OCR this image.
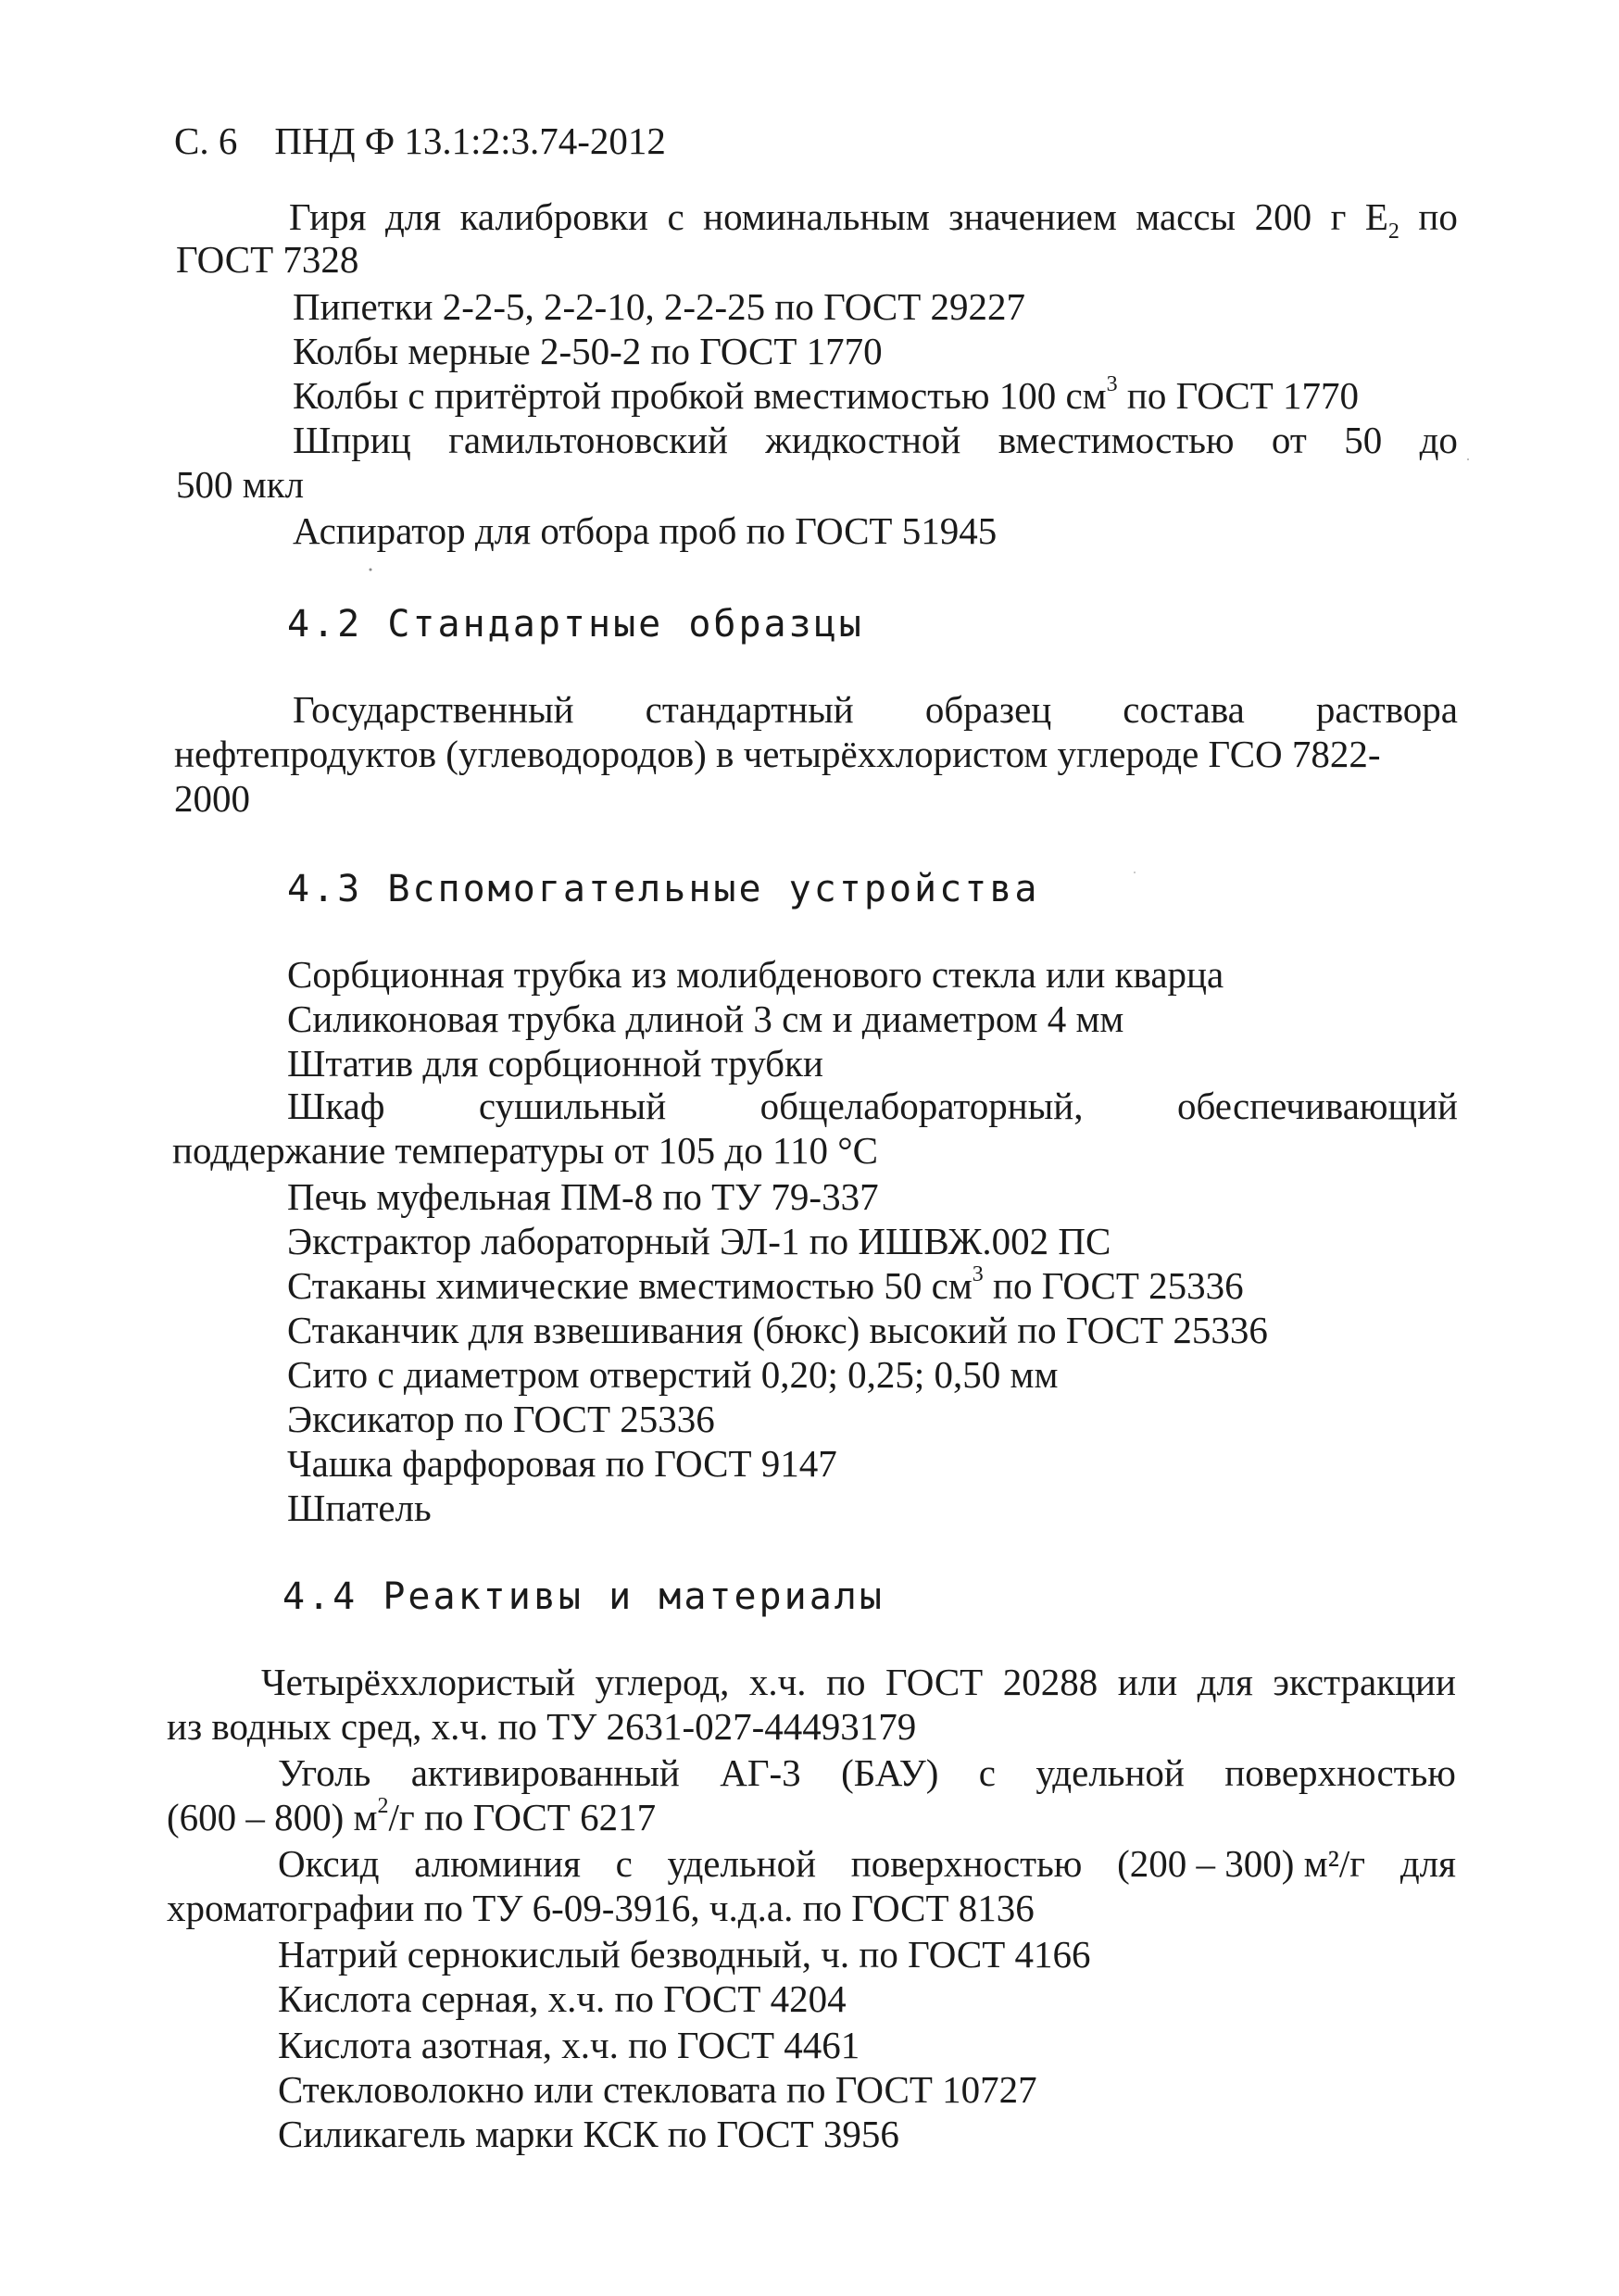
С. 6 ПНД Ф 13.1:2:3.74-2012
Гиря для калибровки с номинальным значением массы 200 г $Е_2$ по
ГОСТ 7328
Пипетки 2-2-5, 2-2-10, 2-2-25 по ГОСТ 29227
Колбы мерные 2-50-2 по ГОСТ 1770
Колбы с притёртой пробкой вместимостью 100 $см^3$ по ГОСТ 1770
Шприц гамильтоновский жидкостной вместимостью от 50 до
500 мкл
Аспиратор для отбора проб по ГОСТ 51945
4.2 Стандартные образцы
Государственный стандартный образец состава раствора
нефтепродуктов (углеводородов) в четырёххлористом углероде ГСО 7822-
2000
4.3 Вспомогательные устройства
Сорбционная трубка из молибденового стекла или кварца
Силиконовая трубка длиной 3 см и диаметром 4 мм
Штатив для сорбционной трубки
Шкаф сушильный общелабораторный, обеспечивающий
поддержание температуры от 105 до 110 °С
Печь муфельная ПМ-8 по ТУ 79-337
Экстрактор лабораторный ЭЛ-1 по ИШВЖ.002 ПС
Стаканы химические вместимостью 50 $см^3$ по ГОСТ 25336
Стаканчик для взвешивания (бюкс) высокий по ГОСТ 25336
Сито с диаметром отверстий 0,20; 0,25; 0,50 мм
Эксикатор по ГОСТ 25336
Чашка фарфоровая по ГОСТ 9147
Шпатель
4.4 Реактивы и материалы
Четырёххлористый углерод, х.ч. по ГОСТ 20288 или для экстракции
из водных сред, х.ч. по ТУ 2631-027-44493179
Уголь активированный АГ-3 (БАУ) с удельной поверхностью
(600 – 800) $м^2/г$ по ГОСТ 6217
Оксид алюминия с удельной поверхностью (200 – 300) м²/г для
хроматографии по ТУ 6-09-3916, ч.д.а. по ГОСТ 8136
Натрий сернокислый безводный, ч. по ГОСТ 4166
Кислота серная, х.ч. по ГОСТ 4204
Кислота азотная, х.ч. по ГОСТ 4461
Стекловолокно или стекловата по ГОСТ 10727
Силикагель марки КСК по ГОСТ 3956
